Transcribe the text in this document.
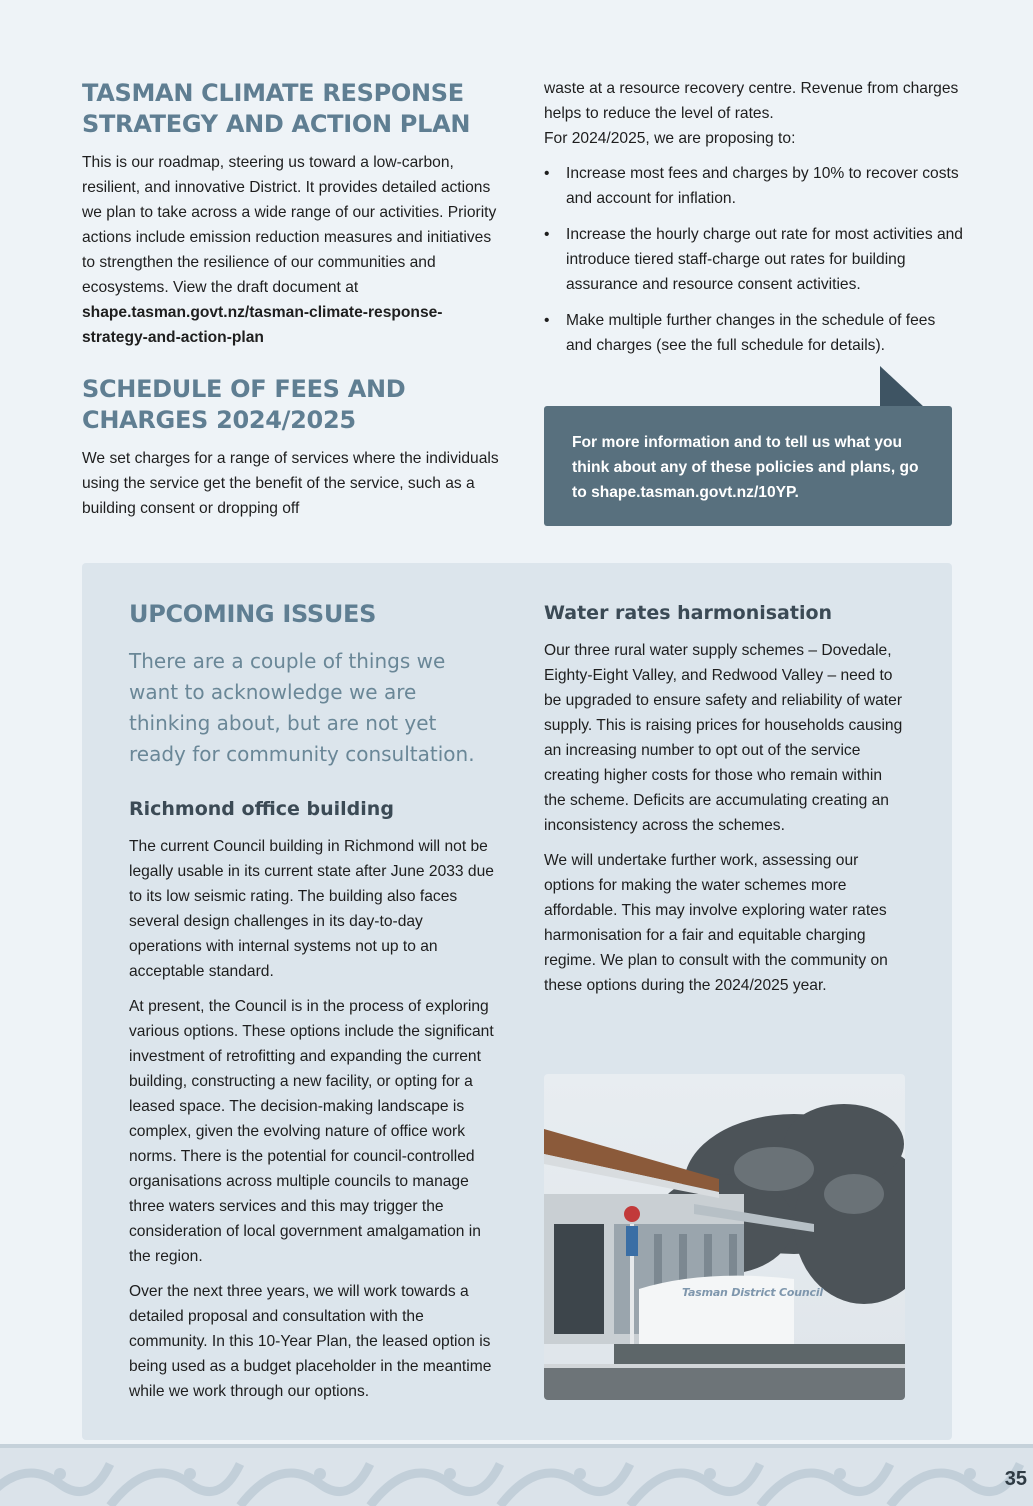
TASMAN CLIMATE RESPONSE
STRATEGY AND ACTION PLAN

This is our roadmap, steering us toward a low-carbon, resilient, and innovative District. It provides detailed actions we plan to take across a wide range of our activities. Priority actions include emission reduction measures and initiatives to strengthen the resilience of our communities and ecosystems. View the draft document at shape.tasman.govt.nz/tasman-climate-response-strategy-and-action-plan

SCHEDULE OF FEES AND
CHARGES 2024/2025

We set charges for a range of services where the individuals using the service get the benefit of the service, such as a building consent or dropping off

waste at a resource recovery centre. Revenue from charges helps to reduce the level of rates.

For 2024/2025, we are proposing to:

• Increase most fees and charges by 10% to recover costs and account for inflation.
• Increase the hourly charge out rate for most activities and introduce tiered staff-charge out rates for building assurance and resource consent activities.
• Make multiple further changes in the schedule of fees and charges (see the full schedule for details).

For more information and to tell us what you think about any of these policies and plans, go to shape.tasman.govt.nz/10YP.

UPCOMING ISSUES

There are a couple of things we want to acknowledge we are thinking about, but are not yet ready for community consultation.

Richmond office building

The current Council building in Richmond will not be legally usable in its current state after June 2033 due to its low seismic rating. The building also faces several design challenges in its day-to-day operations with internal systems not up to an acceptable standard.

At present, the Council is in the process of exploring various options. These options include the significant investment of retrofitting and expanding the current building, constructing a new facility, or opting for a leased space. The decision-making landscape is complex, given the evolving nature of office work norms. There is the potential for council-controlled organisations across multiple councils to manage three waters services and this may trigger the consideration of local government amalgamation in the region.

Over the next three years, we will work towards a detailed proposal and consultation with the community. In this 10-Year Plan, the leased option is being used as a budget placeholder in the meantime while we work through our options.

Water rates harmonisation

Our three rural water supply schemes – Dovedale, Eighty-Eight Valley, and Redwood Valley – need to be upgraded to ensure safety and reliability of water supply. This is raising prices for households causing an increasing number to opt out of the service creating higher costs for those who remain within the scheme. Deficits are accumulating creating an inconsistency across the schemes.

We will undertake further work, assessing our options for making the water schemes more affordable. This may involve exploring water rates harmonisation for a fair and equitable charging regime. We plan to consult with the community on these options during the 2024/2025 year.

Tasman District Council
35
